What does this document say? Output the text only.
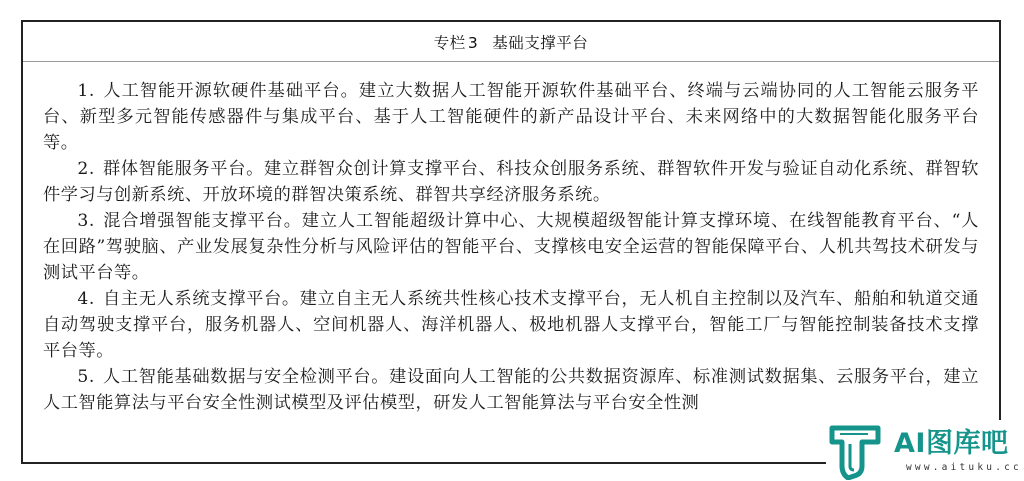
专栏 3 基础支撑平台

1. 人工智能开源软硬件基础平台。建立大数据人工智能开源软件基础平台、终端与云端协同的人工智能云服务平台、新型多元智能传感器件与集成平台、基于人工智能硬件的新产品设计平台、未来网络中的大数据智能化服务平台等。

2. 群体智能服务平台。建立群智众创计算支撑平台、科技众创服务系统、群智软件开发与验证自动化系统、群智软件学习与创新系统、开放环境的群智决策系统、群智共享经济服务系统。

3. 混合增强智能支撑平台。建立人工智能超级计算中心、大规模超级智能计算支撑环境、在线智能教育平台、“人在回路”驾驶脑、产业发展复杂性分析与风险评估的智能平台、支撑核电安全运营的智能保障平台、人机共驾技术研发与测试平台等。

4. 自主无人系统支撑平台。建立自主无人系统共性核心技术支撑平台，无人机自主控制以及汽车、船舶和轨道交通自动驾驶支撑平台，服务机器人、空间机器人、海洋机器人、极地机器人支撑平台，智能工厂与智能控制装备技术支撑平台等。

5. 人工智能基础数据与安全检测平台。建设面向人工智能的公共数据资源库、标准测试数据集、云服务平台，建立人工智能算法与平台安全性测试模型及评估模型，研发人工智能算法与平台安全性测

AI图库吧
www.aituku.cc
